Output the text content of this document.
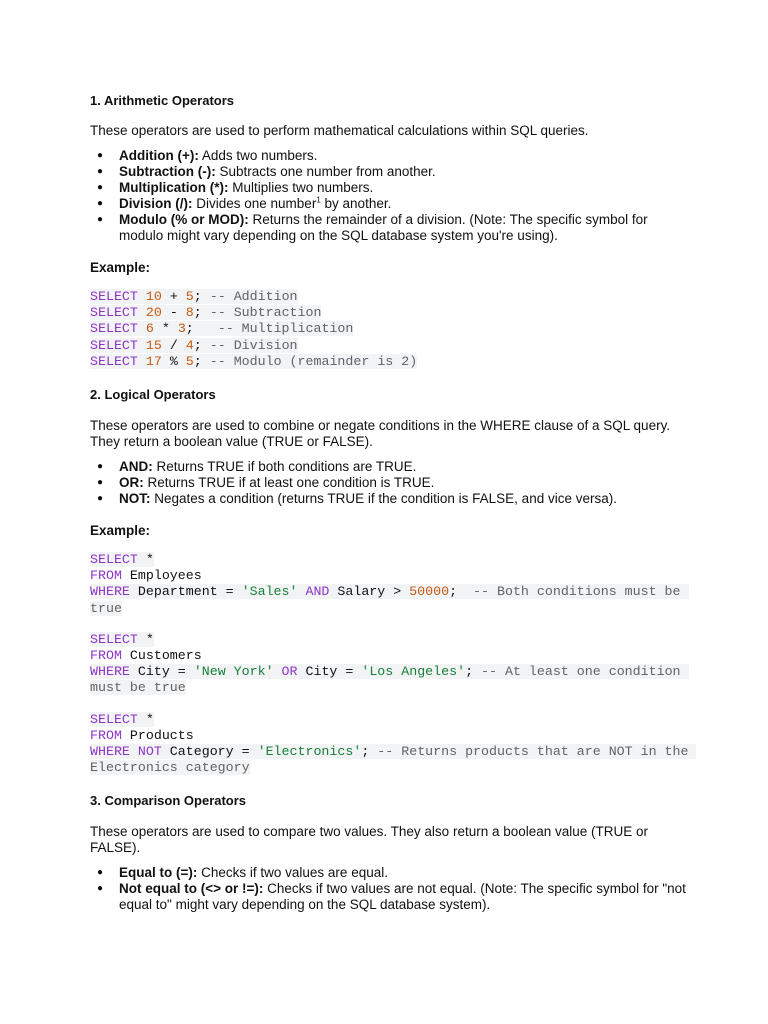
1. Arithmetic Operators

These operators are used to perform mathematical calculations within SQL queries.

● Addition (+): Adds two numbers.
● Subtraction (-): Subtracts one number from another.
● Multiplication (*): Multiplies two numbers.
● Division (/): Divides one number$^1$ by another.
● Modulo (% or MOD): Returns the remainder of a division. (Note: The specific symbol for modulo might vary depending on the SQL database system you're using).

Example:

SELECT 10 + 5; -- Addition
SELECT 20 - 8; -- Subtraction
SELECT 6 * 3;   -- Multiplication
SELECT 15 / 4; -- Division
SELECT 17 % 5; -- Modulo (remainder is 2)
2. Logical Operators

These operators are used to combine or negate conditions in the WHERE clause of a SQL query. They return a boolean value (TRUE or FALSE).

● AND: Returns TRUE if both conditions are TRUE.
● OR: Returns TRUE if at least one condition is TRUE.
● NOT: Negates a condition (returns TRUE if the condition is FALSE, and vice versa).

Example:

SELECT *
FROM Employees
WHERE Department = 'Sales' AND Salary > 50000;  -- Both conditions must be true
SELECT *
FROM Customers
WHERE City = 'New York' OR City = 'Los Angeles'; -- At least one condition must be true
SELECT *
FROM Products
WHERE NOT Category = 'Electronics'; -- Returns products that are NOT in the Electronics category
3. Comparison Operators

These operators are used to compare two values. They also return a boolean value (TRUE or FALSE).

● Equal to (=): Checks if two values are equal.
● Not equal to (<> or !=): Checks if two values are not equal. (Note: The specific symbol for "not equal to" might vary depending on the SQL database system).
